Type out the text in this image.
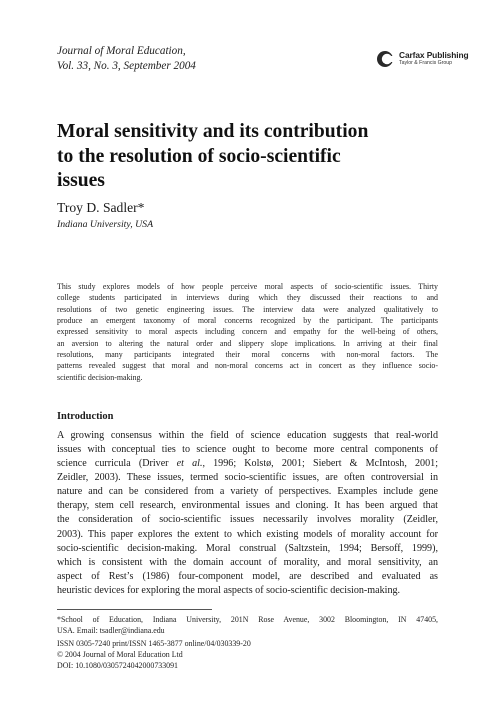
Journal of Moral Education,
Vol. 33, No. 3, September 2004
Carfax Publishing
Taylor & Francis Group
Moral sensitivity and its contribution
to the resolution of socio-scientific
issues
Troy D. Sadler*
Indiana University, USA
This study explores models of how people perceive moral aspects of socio-scientific issues. Thirty
college students participated in interviews during which they discussed their reactions to and
resolutions of two genetic engineering issues. The interview data were analyzed qualitatively to
produce an emergent taxonomy of moral concerns recognized by the participant. The participants
expressed sensitivity to moral aspects including concern and empathy for the well-being of others,
an aversion to altering the natural order and slippery slope implications. In arriving at their final
resolutions, many participants integrated their moral concerns with non-moral factors. The
patterns revealed suggest that moral and non-moral concerns act in concert as they influence socio-
scientific decision-making.
Introduction
A growing consensus within the field of science education suggests that real-world
issues with conceptual ties to science ought to become more central components of
science curricula (Driver et al., 1996; Kolstø, 2001; Siebert & McIntosh, 2001;
Zeidler, 2003). These issues, termed socio-scientific issues, are often controversial in
nature and can be considered from a variety of perspectives. Examples include gene
therapy, stem cell research, environmental issues and cloning. It has been argued that
the consideration of socio-scientific issues necessarily involves morality (Zeidler,
2003). This paper explores the extent to which existing models of morality account for
socio-scientific decision-making. Moral construal (Saltzstein, 1994; Bersoff, 1999),
which is consistent with the domain account of morality, and moral sensitivity, an
aspect of Rest’s (1986) four-component model, are described and evaluated as
heuristic devices for exploring the moral aspects of socio-scientific decision-making.
*School of Education, Indiana University, 201N Rose Avenue, 3002 Bloomington, IN 47405,
USA. Email: tsadler@indiana.edu
ISSN 0305-7240 print/ISSN 1465-3877 online/04/030339-20
© 2004 Journal of Moral Education Ltd
DOI: 10.1080/0305724042000733091
